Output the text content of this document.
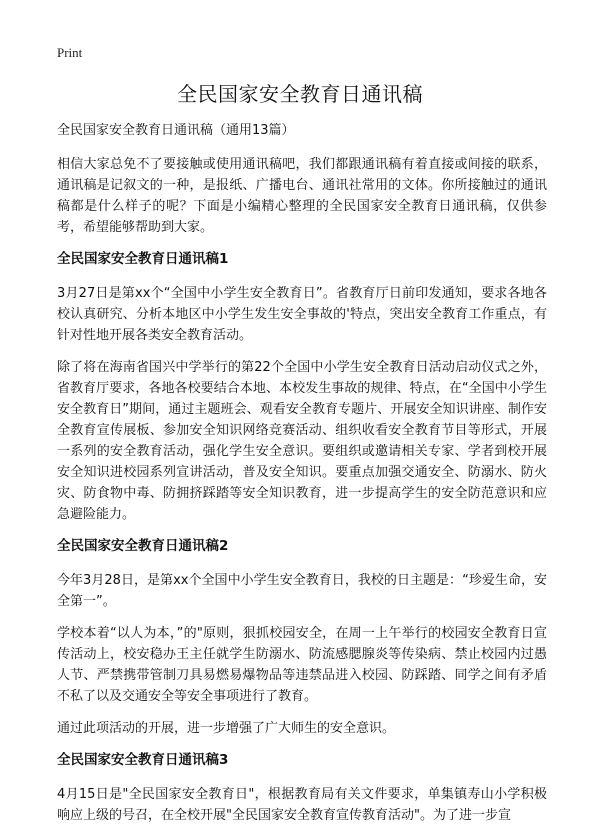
Print
全民国家安全教育日通讯稿

全民国家安全教育日通讯稿（通用13篇）

相信大家总免不了要接触或使用通讯稿吧，我们都跟通讯稿有着直接或间接的联系，通讯稿是记叙文的一种，是报纸、广播电台、通讯社常用的文体。你所接触过的通讯稿都是什么样子的呢？下面是小编精心整理的全民国家安全教育日通讯稿，仅供参考，希望能够帮助到大家。

全民国家安全教育日通讯稿1

3月27日是第xx个“全国中小学生安全教育日”。省教育厅日前印发通知，要求各地各校认真研究、分析本地区中小学生发生安全事故的'特点，突出安全教育工作重点，有针对性地开展各类安全教育活动。

除了将在海南省国兴中学举行的第22个全国中小学生安全教育日活动启动仪式之外，省教育厅要求，各地各校要结合本地、本校发生事故的规律、特点，在“全国中小学生安全教育日”期间，通过主题班会、观看安全教育专题片、开展安全知识讲座、制作安全教育宣传展板、参加安全知识网络竞赛活动、组织收看安全教育节目等形式，开展一系列的安全教育活动，强化学生安全意识。要组织或邀请相关专家、学者到校开展安全知识进校园系列宣讲活动，普及安全知识。要重点加强交通安全、防溺水、防火灾、防食物中毒、防拥挤踩踏等安全知识教育，进一步提高学生的安全防范意识和应急避险能力。

全民国家安全教育日通讯稿2

今年3月28日，是第xx个全国中小学生安全教育日，我校的日主题是：“珍爱生命，安全第一”。

学校本着“以人为本，”的"原则，狠抓校园安全，在周一上午举行的校园安全教育日宣传活动上，校安稳办王主任就学生防溺水、防流感腮腺炎等传染病、禁止校园内过愚人节、严禁携带管制刀具易燃易爆物品等违禁品进入校园、防踩踏、同学之间有矛盾不私了以及交通安全等安全事项进行了教育。

通过此项活动的开展，进一步增强了广大师生的安全意识。

全民国家安全教育日通讯稿3

4月15日是"全民国家安全教育日"，根据教育局有关文件要求，单集镇寿山小学积极响应上级的号召，在全校开展"全民国家安全教育宣传教育活动"。为了进一步宣
